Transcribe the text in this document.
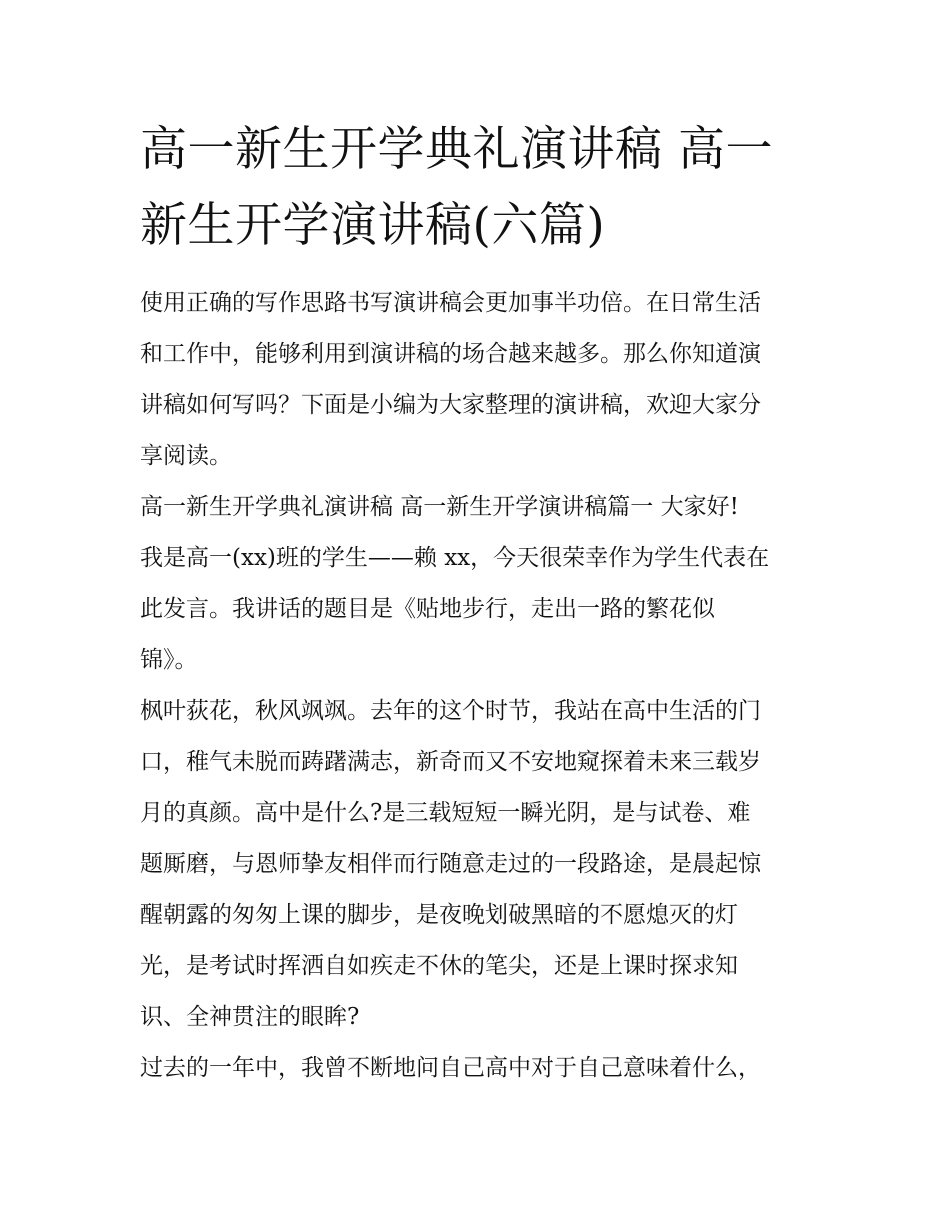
高一新生开学典礼演讲稿 高一
新生开学演讲稿(六篇)
使用正确的写作思路书写演讲稿会更加事半功倍。在日常生活
和工作中，能够利用到演讲稿的场合越来越多。那么你知道演
讲稿如何写吗？下面是小编为大家整理的演讲稿，欢迎大家分
享阅读。
高一新生开学典礼演讲稿 高一新生开学演讲稿篇一 大家好!
我是高一(xx)班的学生——赖 xx，今天很荣幸作为学生代表在
此发言。我讲话的题目是《贴地步行，走出一路的繁花似
锦》。
枫叶荻花，秋风飒飒。去年的这个时节，我站在高中生活的门
口，稚气未脱而踌躇满志，新奇而又不安地窥探着未来三载岁
月的真颜。高中是什么?是三载短短一瞬光阴，是与试卷、难
题厮磨，与恩师挚友相伴而行随意走过的一段路途，是晨起惊
醒朝露的匆匆上课的脚步，是夜晚划破黑暗的不愿熄灭的灯
光，是考试时挥洒自如疾走不休的笔尖，还是上课时探求知
识、全神贯注的眼眸?
过去的一年中，我曾不断地问自己高中对于自己意味着什么，
